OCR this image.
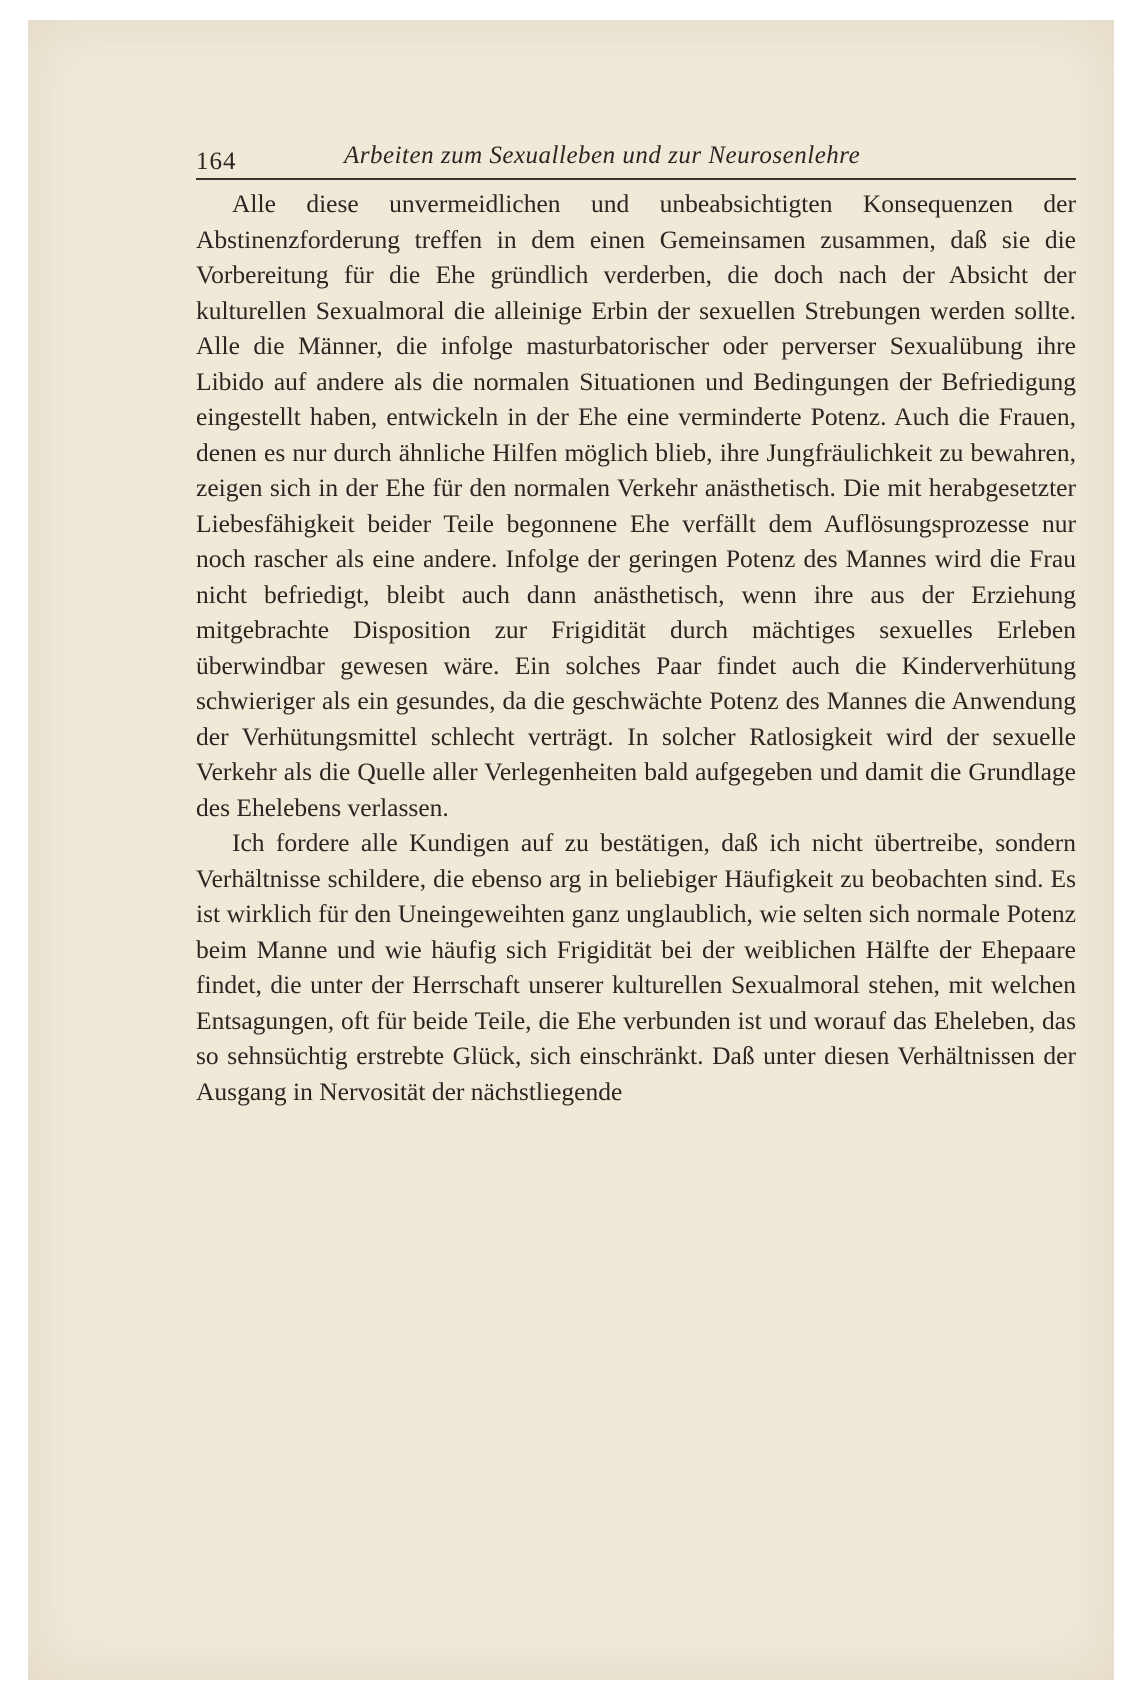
164	Arbeiten zum Sexualleben und zur Neurosenlehre

Alle diese unvermeidlichen und unbeabsichtigten Konsequenzen der Abstinenzforderung treffen in dem einen Gemeinsamen zusammen, daß sie die Vorbereitung für die Ehe gründlich verderben, die doch nach der Absicht der kulturellen Sexualmoral die alleinige Erbin der sexuellen Strebungen werden sollte. Alle die Männer, die infolge masturbatorischer oder perverser Sexualübung ihre Libido auf andere als die normalen Situationen und Bedingungen der Befriedigung eingestellt haben, entwickeln in der Ehe eine verminderte Potenz. Auch die Frauen, denen es nur durch ähnliche Hilfen möglich blieb, ihre Jungfräulichkeit zu bewahren, zeigen sich in der Ehe für den normalen Verkehr anästhetisch. Die mit herabgesetzter Liebesfähigkeit beider Teile begonnene Ehe verfällt dem Auflösungsprozesse nur noch rascher als eine andere. Infolge der geringen Potenz des Mannes wird die Frau nicht befriedigt, bleibt auch dann anästhetisch, wenn ihre aus der Erziehung mitgebrachte Disposition zur Frigidität durch mächtiges sexuelles Erleben überwindbar gewesen wäre. Ein solches Paar findet auch die Kinderverhütung schwieriger als ein gesundes, da die geschwächte Potenz des Mannes die Anwendung der Verhütungsmittel schlecht verträgt. In solcher Ratlosigkeit wird der sexuelle Verkehr als die Quelle aller Verlegenheiten bald aufgegeben und damit die Grundlage des Ehelebens verlassen.

Ich fordere alle Kundigen auf zu bestätigen, daß ich nicht übertreibe, sondern Verhältnisse schildere, die ebenso arg in beliebiger Häufigkeit zu beobachten sind. Es ist wirklich für den Uneingeweihten ganz unglaublich, wie selten sich normale Potenz beim Manne und wie häufig sich Frigidität bei der weiblichen Hälfte der Ehepaare findet, die unter der Herrschaft unserer kulturellen Sexualmoral stehen, mit welchen Entsagungen, oft für beide Teile, die Ehe verbunden ist und worauf das Eheleben, das so sehnsüchtig erstrebte Glück, sich einschränkt. Daß unter diesen Verhältnissen der Ausgang in Nervosität der nächstliegende
